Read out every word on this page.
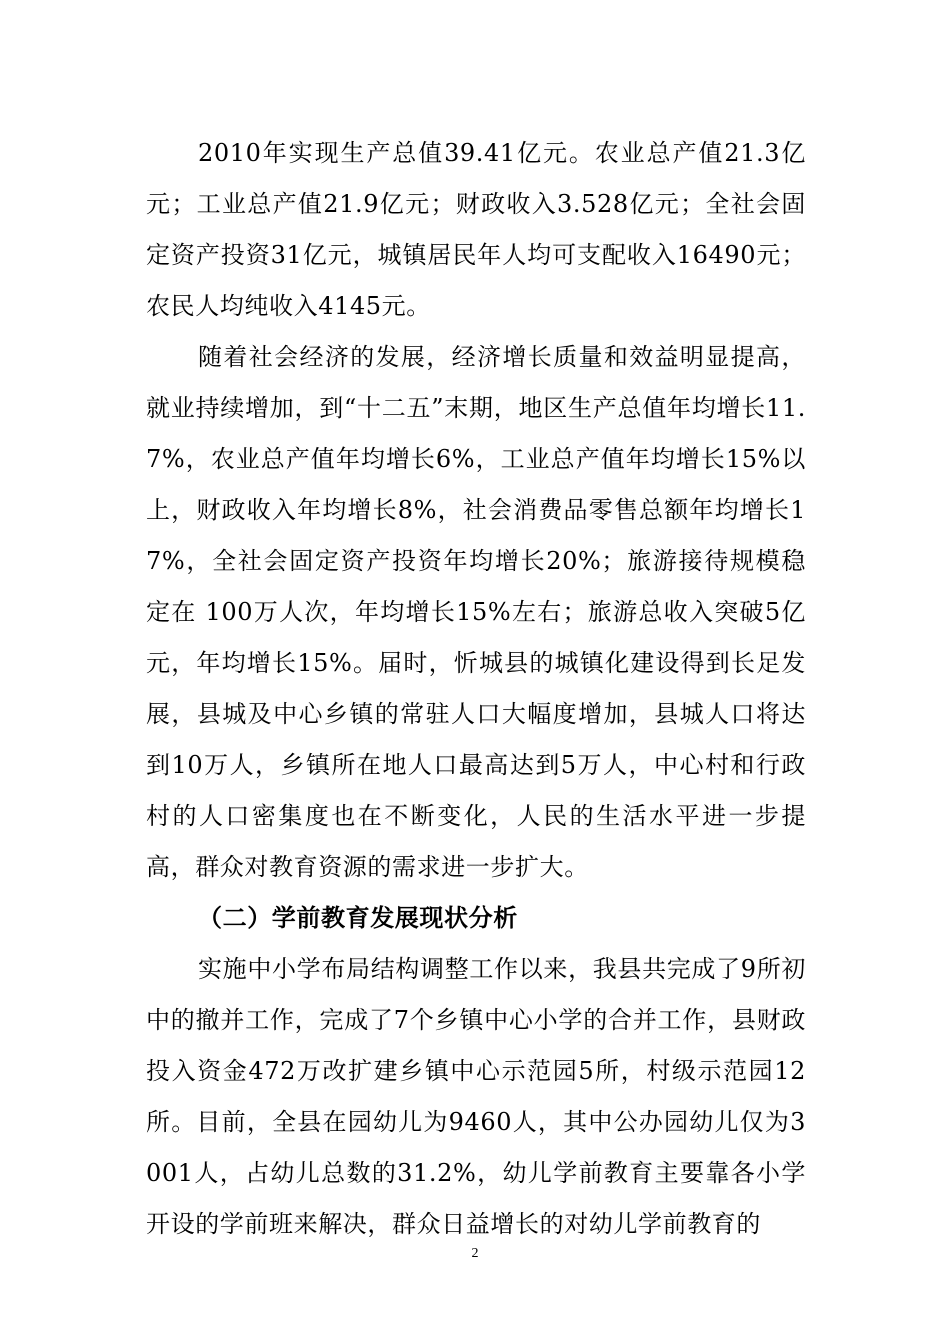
2010年实现生产总值39.41亿元。农业总产值21.3亿元；工业总产值21.9亿元；财政收入3.528亿元；全社会固定资产投资31亿元，城镇居民年人均可支配收入16490元；农民人均纯收入4145元。

随着社会经济的发展，经济增长质量和效益明显提高，就业持续增加，到“十二五”末期，地区生产总值年均增长11.7%，农业总产值年均增长6%，工业总产值年均增长15%以上，财政收入年均增长8%，社会消费品零售总额年均增长17%，全社会固定资产投资年均增长20%；旅游接待规模稳定在 100万人次，年均增长15%左右；旅游总收入突破5亿元，年均增长15%。届时，忻城县的城镇化建设得到长足发展，县城及中心乡镇的常驻人口大幅度增加，县城人口将达到10万人，乡镇所在地人口最高达到5万人，中心村和行政村的人口密集度也在不断变化，人民的生活水平进一步提高，群众对教育资源的需求进一步扩大。

（二）学前教育发展现状分析

实施中小学布局结构调整工作以来，我县共完成了9所初中的撤并工作，完成了7个乡镇中心小学的合并工作，县财政投入资金472万改扩建乡镇中心示范园5所，村级示范园12所。目前，全县在园幼儿为9460人，其中公办园幼儿仅为3001人，占幼儿总数的31.2%，幼儿学前教育主要靠各小学开设的学前班来解决，群众日益增长的对幼儿学前教育的

2
